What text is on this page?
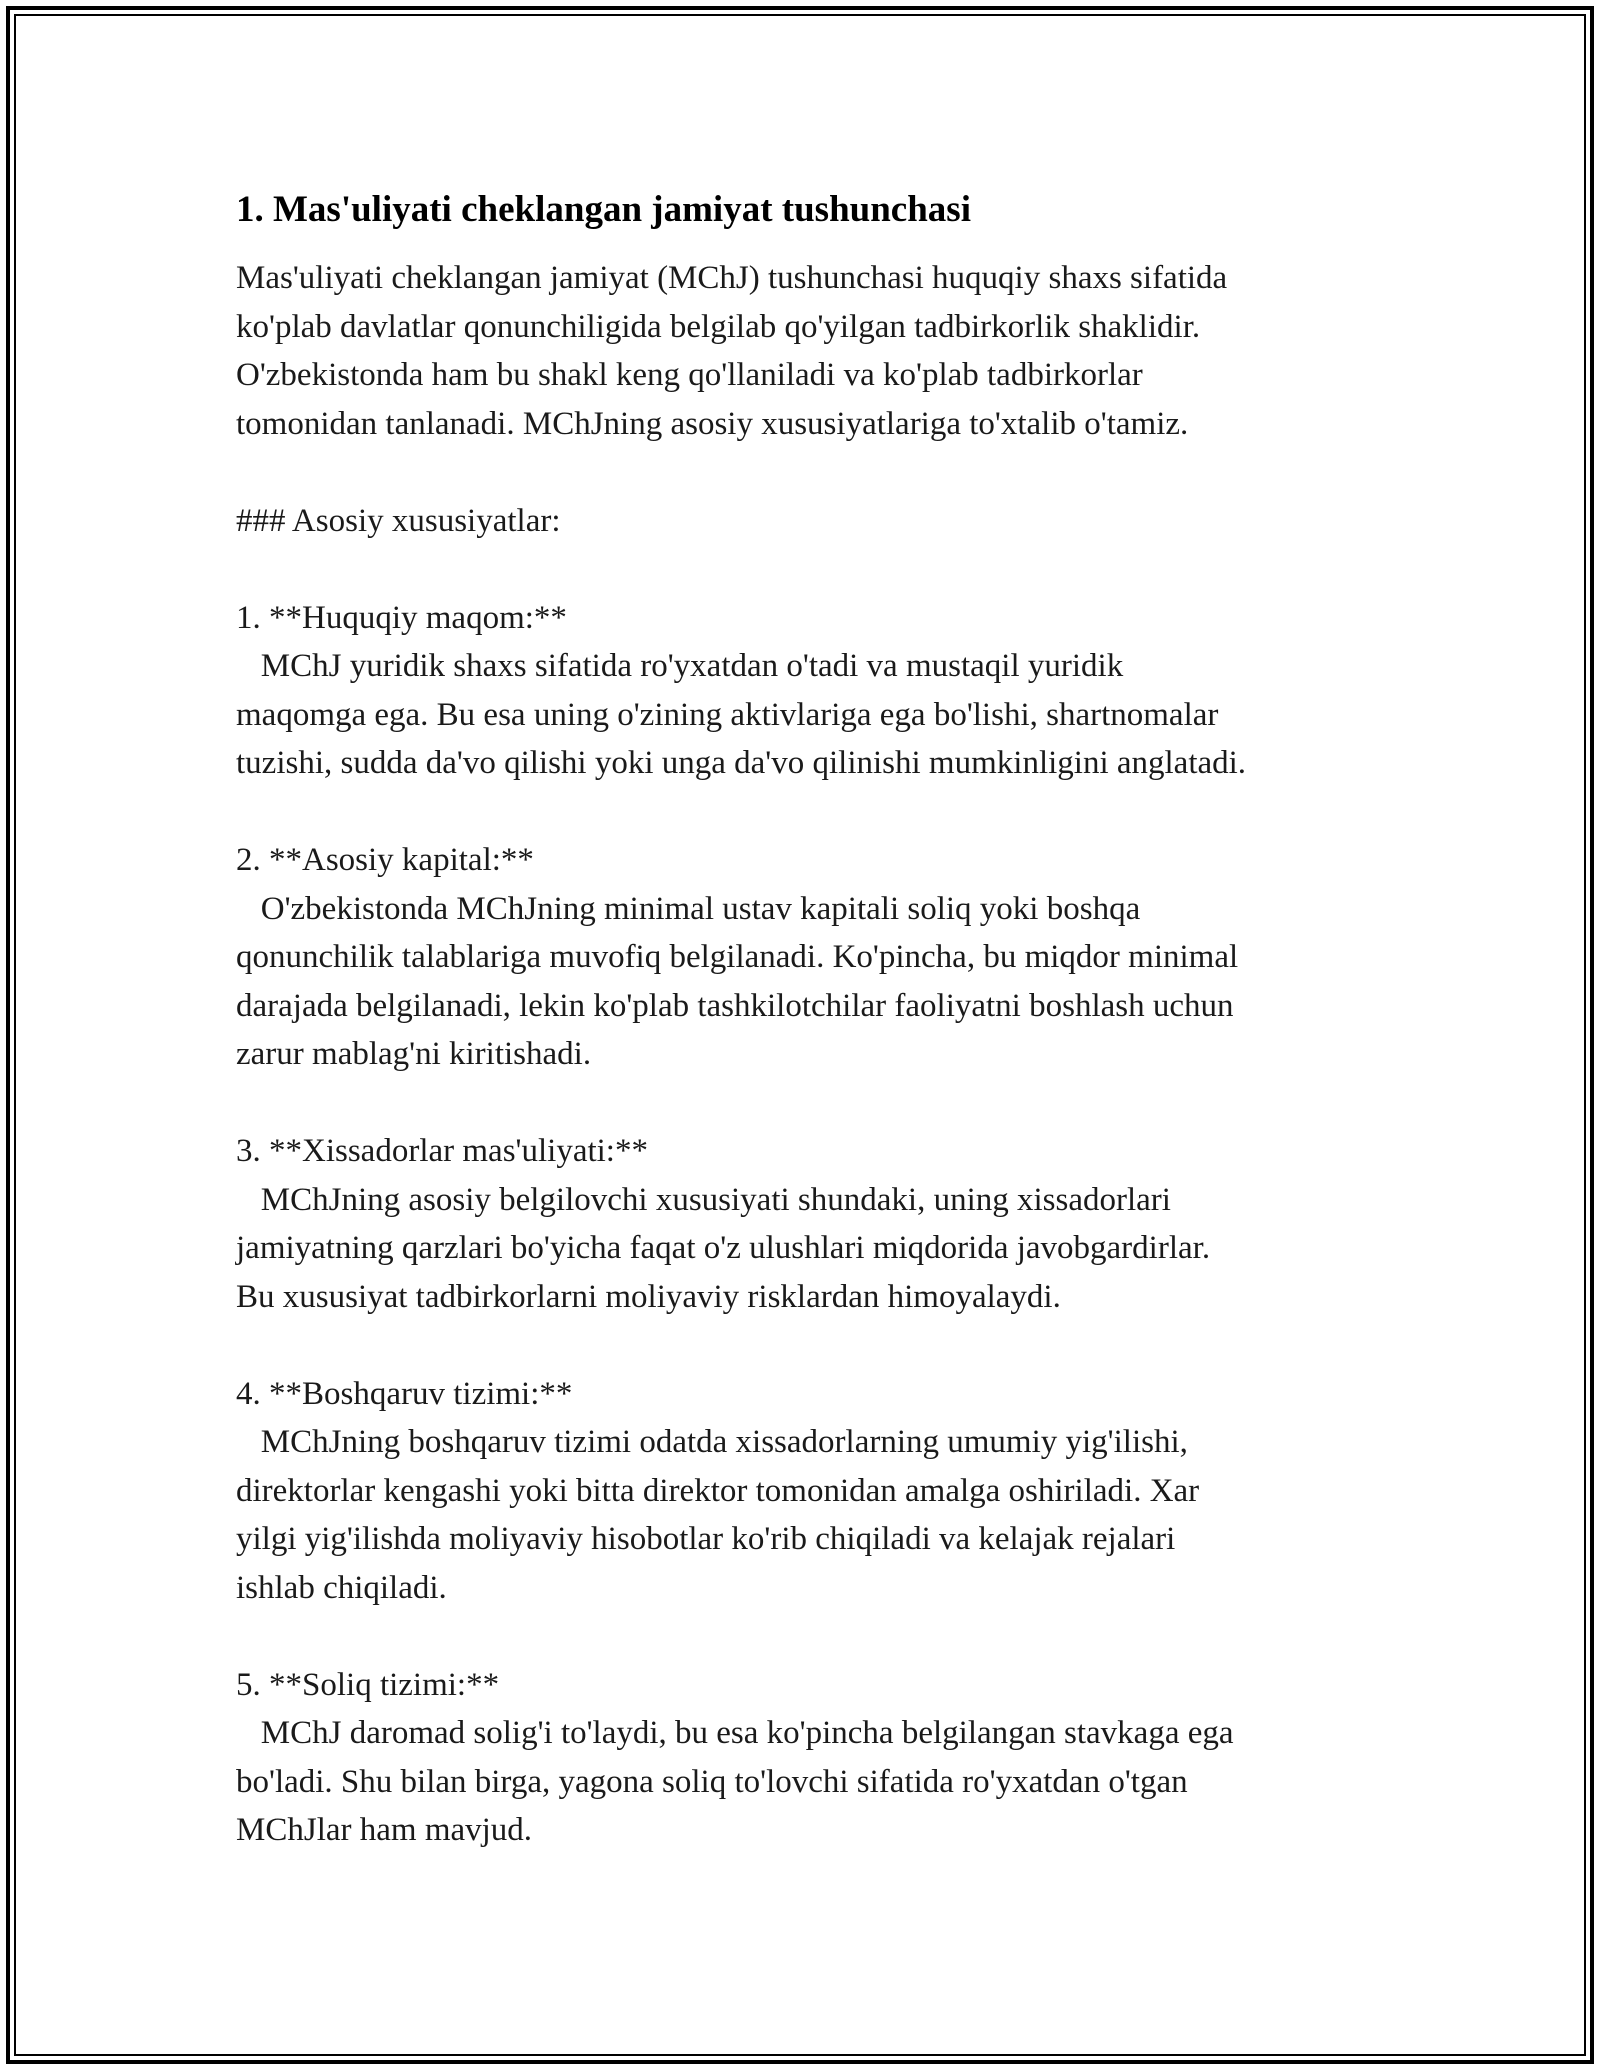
1. Mas'uliyati cheklangan jamiyat tushunchasi

Mas'uliyati cheklangan jamiyat (MChJ) tushunchasi huquqiy shaxs sifatida
ko'plab davlatlar qonunchiligida belgilab qo'yilgan tadbirkorlik shaklidir.
O'zbekistonda ham bu shakl keng qo'llaniladi va ko'plab tadbirkorlar
tomonidan tanlanadi. MChJning asosiy xususiyatlariga to'xtalib o'tamiz.

### Asosiy xususiyatlar:

1. **Huquqiy maqom:**

MChJ yuridik shaxs sifatida ro'yxatdan o'tadi va mustaqil yuridik
maqomga ega. Bu esa uning o'zining aktivlariga ega bo'lishi, shartnomalar
tuzishi, sudda da'vo qilishi yoki unga da'vo qilinishi mumkinligini anglatadi.

2. **Asosiy kapital:**

O'zbekistonda MChJning minimal ustav kapitali soliq yoki boshqa
qonunchilik talablariga muvofiq belgilanadi. Ko'pincha, bu miqdor minimal
darajada belgilanadi, lekin ko'plab tashkilotchilar faoliyatni boshlash uchun
zarur mablag'ni kiritishadi.

3. **Xissadorlar mas'uliyati:**

MChJning asosiy belgilovchi xususiyati shundaki, uning xissadorlari
jamiyatning qarzlari bo'yicha faqat o'z ulushlari miqdorida javobgardirlar.
Bu xususiyat tadbirkorlarni moliyaviy risklardan himoyalaydi.

4. **Boshqaruv tizimi:**

MChJning boshqaruv tizimi odatda xissadorlarning umumiy yig'ilishi,
direktorlar kengashi yoki bitta direktor tomonidan amalga oshiriladi. Xar
yilgi yig'ilishda moliyaviy hisobotlar ko'rib chiqiladi va kelajak rejalari
ishlab chiqiladi.

5. **Soliq tizimi:**

MChJ daromad solig'i to'laydi, bu esa ko'pincha belgilangan stavkaga ega
bo'ladi. Shu bilan birga, yagona soliq to'lovchi sifatida ro'yxatdan o'tgan
MChJlar ham mavjud.
